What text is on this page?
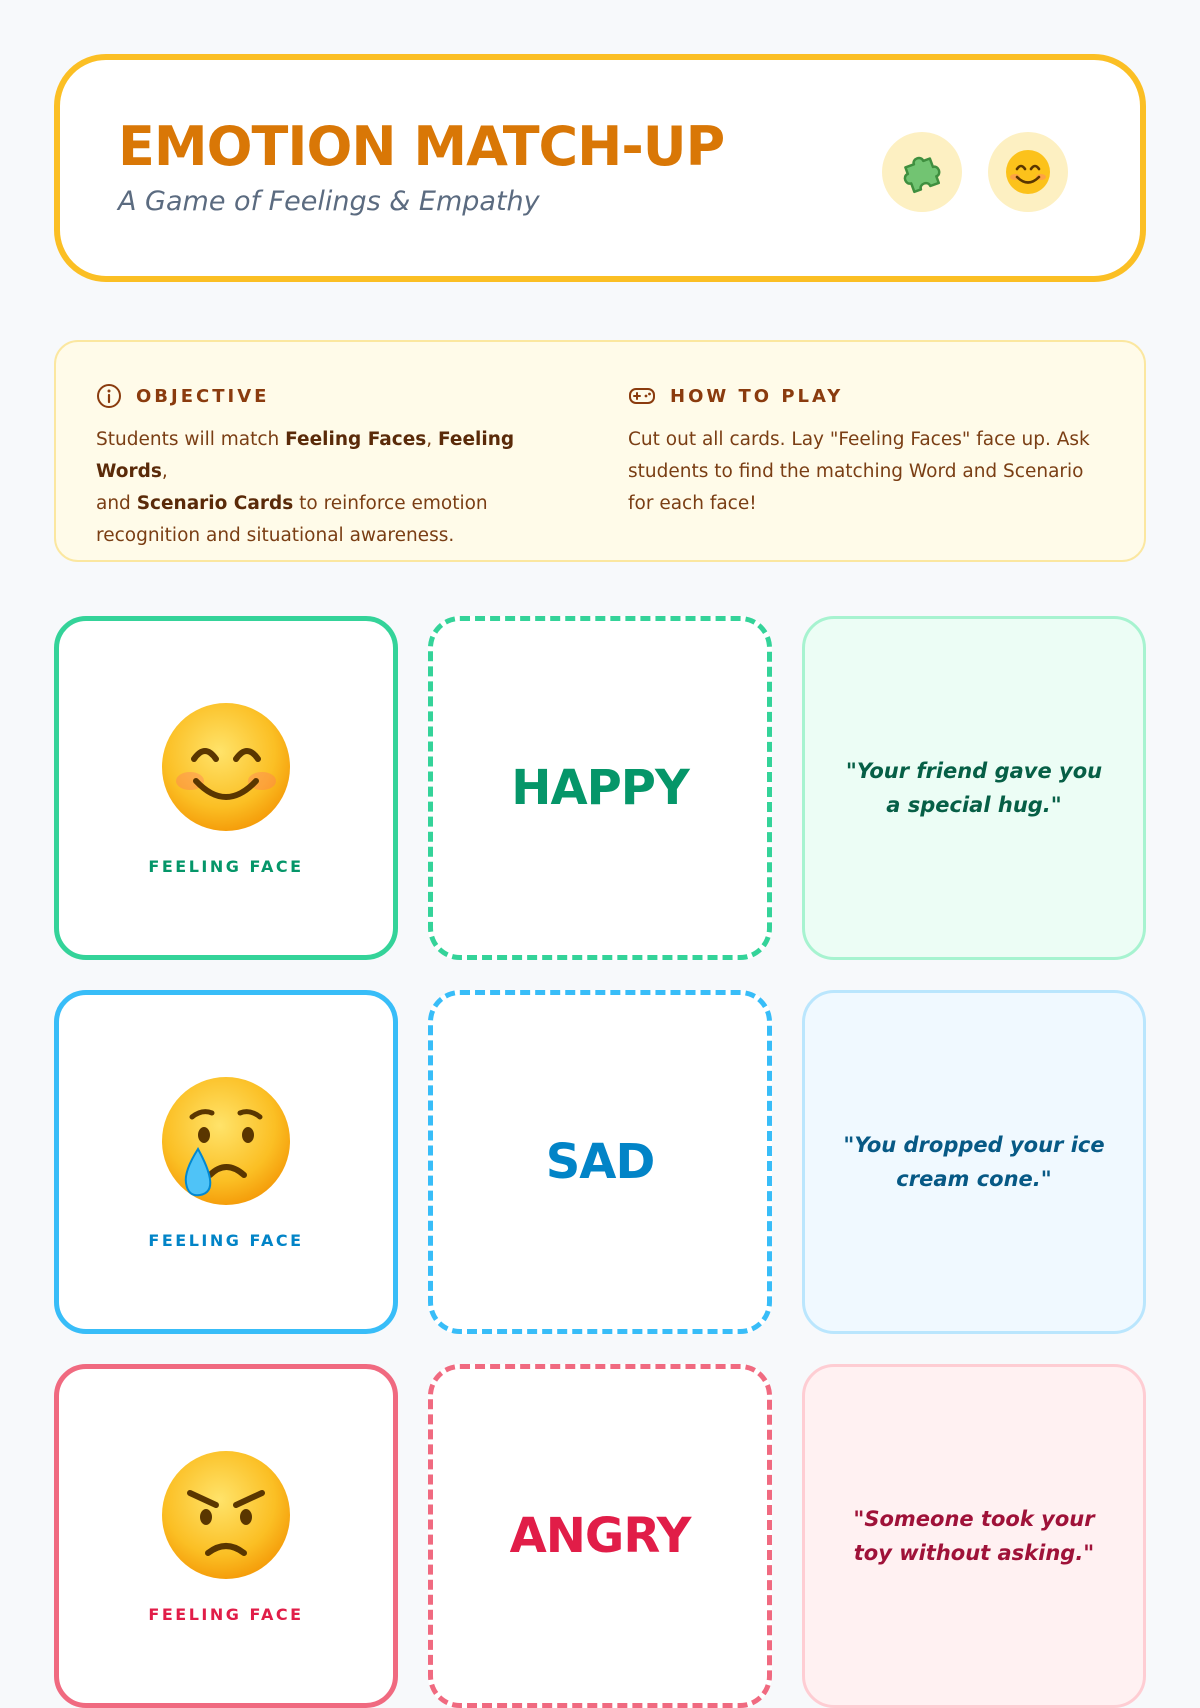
EMOTION MATCH-UP
A Game of Feelings & Empathy
OBJECTIVE
Students will match Feeling Faces, Feeling Words,
and Scenario Cards to reinforce emotion recognition and situational awareness.
HOW TO PLAY
Cut out all cards. Lay "Feeling Faces" face up. Ask students to find the matching Word and Scenario for each face!
FEELING FACE
HAPPY	"Your friend gave you a special hug."
FEELING FACE
SAD	"You dropped your ice cream cone."
FEELING FACE
ANGRY	"Someone took your toy without asking."
